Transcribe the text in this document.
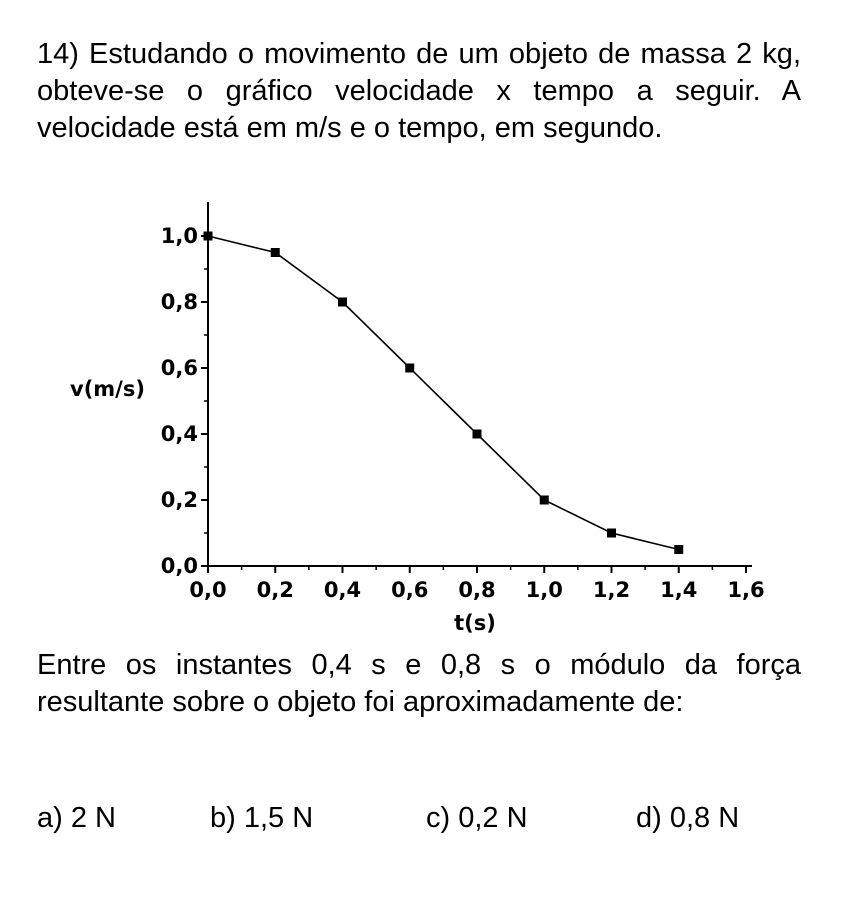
14) Estudando o movimento de um objeto de massa 2 kg, obteve-se o gráfico velocidade x tempo a seguir. A velocidade está em m/s e o tempo, em segundo.

0,0
0,2
0,4
0,6
0,8
1,0
0,0 0,2 0,4 0,6 0,8 1,0 1,2 1,4 1,6
v(m/s)
t(s)

Entre os instantes 0,4 s e 0,8 s o módulo da força resultante sobre o objeto foi aproximadamente de:

a) 2 N	b) 1,5 N	c) 0,2 N	d) 0,8 N
